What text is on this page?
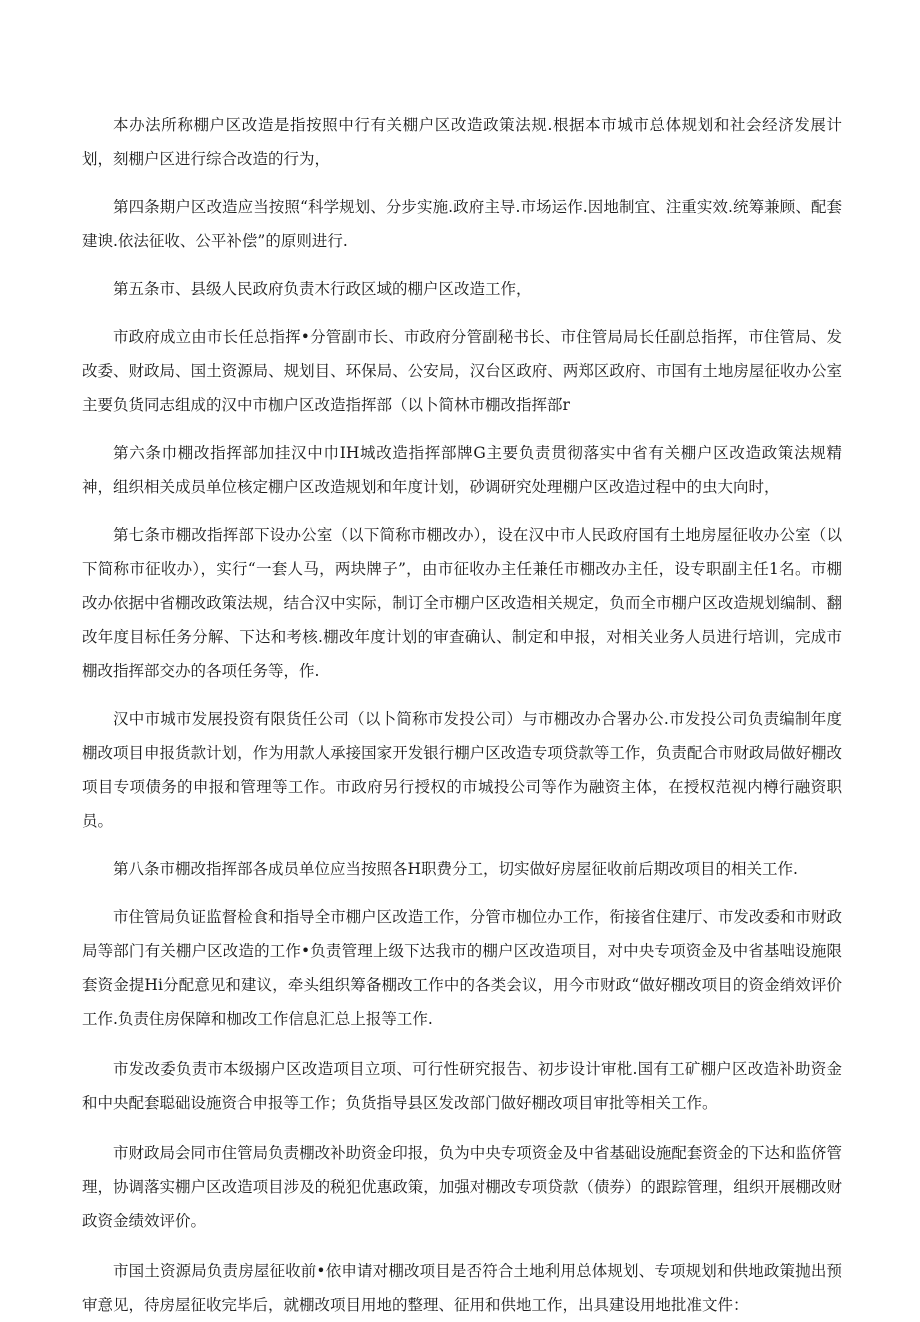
本办法所称棚户区改造是指按照中行有关棚户区改造政策法规.根据本市城市总体规划和社会经济发展计划，刻棚户区进行综合改造的行为，

第四条期户区改造应当按照“科学规划、分步实施.政府主导.市场运作.因地制宜、注重实效.统筹兼顾、配套建谀.依法征收、公平补偿”的原则进行.

第五条市、县级人民政府负责木行政区域的棚户区改造工作，

市政府成立由市长任总指挥•分管副市长、市政府分管副秘书长、市住管局局长任副总指挥，市住管局、发改委、财政局、国土资源局、规划目、环保局、公安局，汉台区政府、两郑区政府、市国有土地房屋征收办公室主要负货同志组成的汉中市枷户区改造指挥部（以卜简林市棚改指挥部r

第六条巾棚改指挥部加挂汉中巾IH城改造指挥部牌G主要负责贯彻落实中省有关棚户区改造政策法规精神，组织相关成员单位核定棚户区改造规划和年度计划，砂调研究处理棚户区改造过程中的虫大向时，

第七条市棚改指挥部下设办公室（以下简称市棚改办），设在汉中市人民政府国有土地房屋征收办公室（以下简称市征收办），实行“一套人马，两块牌子”，由市征收办主任兼任市棚改办主任，设专职副主任1名。市棚改办依据中省棚改政策法规，结合汉中实际，制订全市棚户区改造相关规定，负而全市棚户区改造规划编制、翻改年度目标任务分解、下达和考核.棚改年度计划的审查确认、制定和申报，对相关业务人员进行培训，完成市棚改指挥部交办的各项任务等，作.

汉中市城市发展投资有限货任公司（以卜简称市发投公司）与市棚改办合署办公.市发投公司负责编制年度棚改项目申报货款计划，作为用款人承接国家开发银行棚户区改造专项贷款等工作，负责配合市财政局做好棚改项目专项债务的申报和管理等工作。市政府另行授权的市城投公司等作为融资主体，在授权范视内樽行融资职员。

第八条市棚改指挥部各成员单位应当按照各H职费分工，切实做好房屋征收前后期改项目的相关工作.

市住管局负证监督检食和指导全市棚户区改造工作，分管市枷位办工作，衔接省住建厅、市发改委和市财政局等部门有关棚户区改造的工作•负责管理上级下达我市的棚户区改造项目，对中央专项资金及中省基咄设施限套资金提Hi分配意见和建议，牵头组织筹备棚改工作中的各类会议，用今市财政“做好棚改项目的资金绡效评价工作.负责住房保障和枷改工作信息汇总上报等工作.

市发改委负责市本级搦户区改造项目立项、可行性研究报告、初步设计审枇.国有工矿棚户区改造补助资金和中央配套聪础设施资合申报等工作；负货指导县区发改部门做好棚改项目审批等相关工作。

市财政局会同市住管局负责棚改补助资金印报，负为中央专项资金及中省基础设施配套资金的下达和监侪管理，协调落实棚户区改造项目涉及的税犯优惠政策，加强对棚改专项贷款（债券）的跟踪管理，组织开展棚改财政资金绩效评价。

市国土资源局负责房屋征收前•依申请对棚改项目是否符合土地利用总体规划、专项规划和供地政策抛出预审意见，待房屋征收完毕后，就棚改项目用地的整理、征用和供地工作，出具建设用地批准文件：
